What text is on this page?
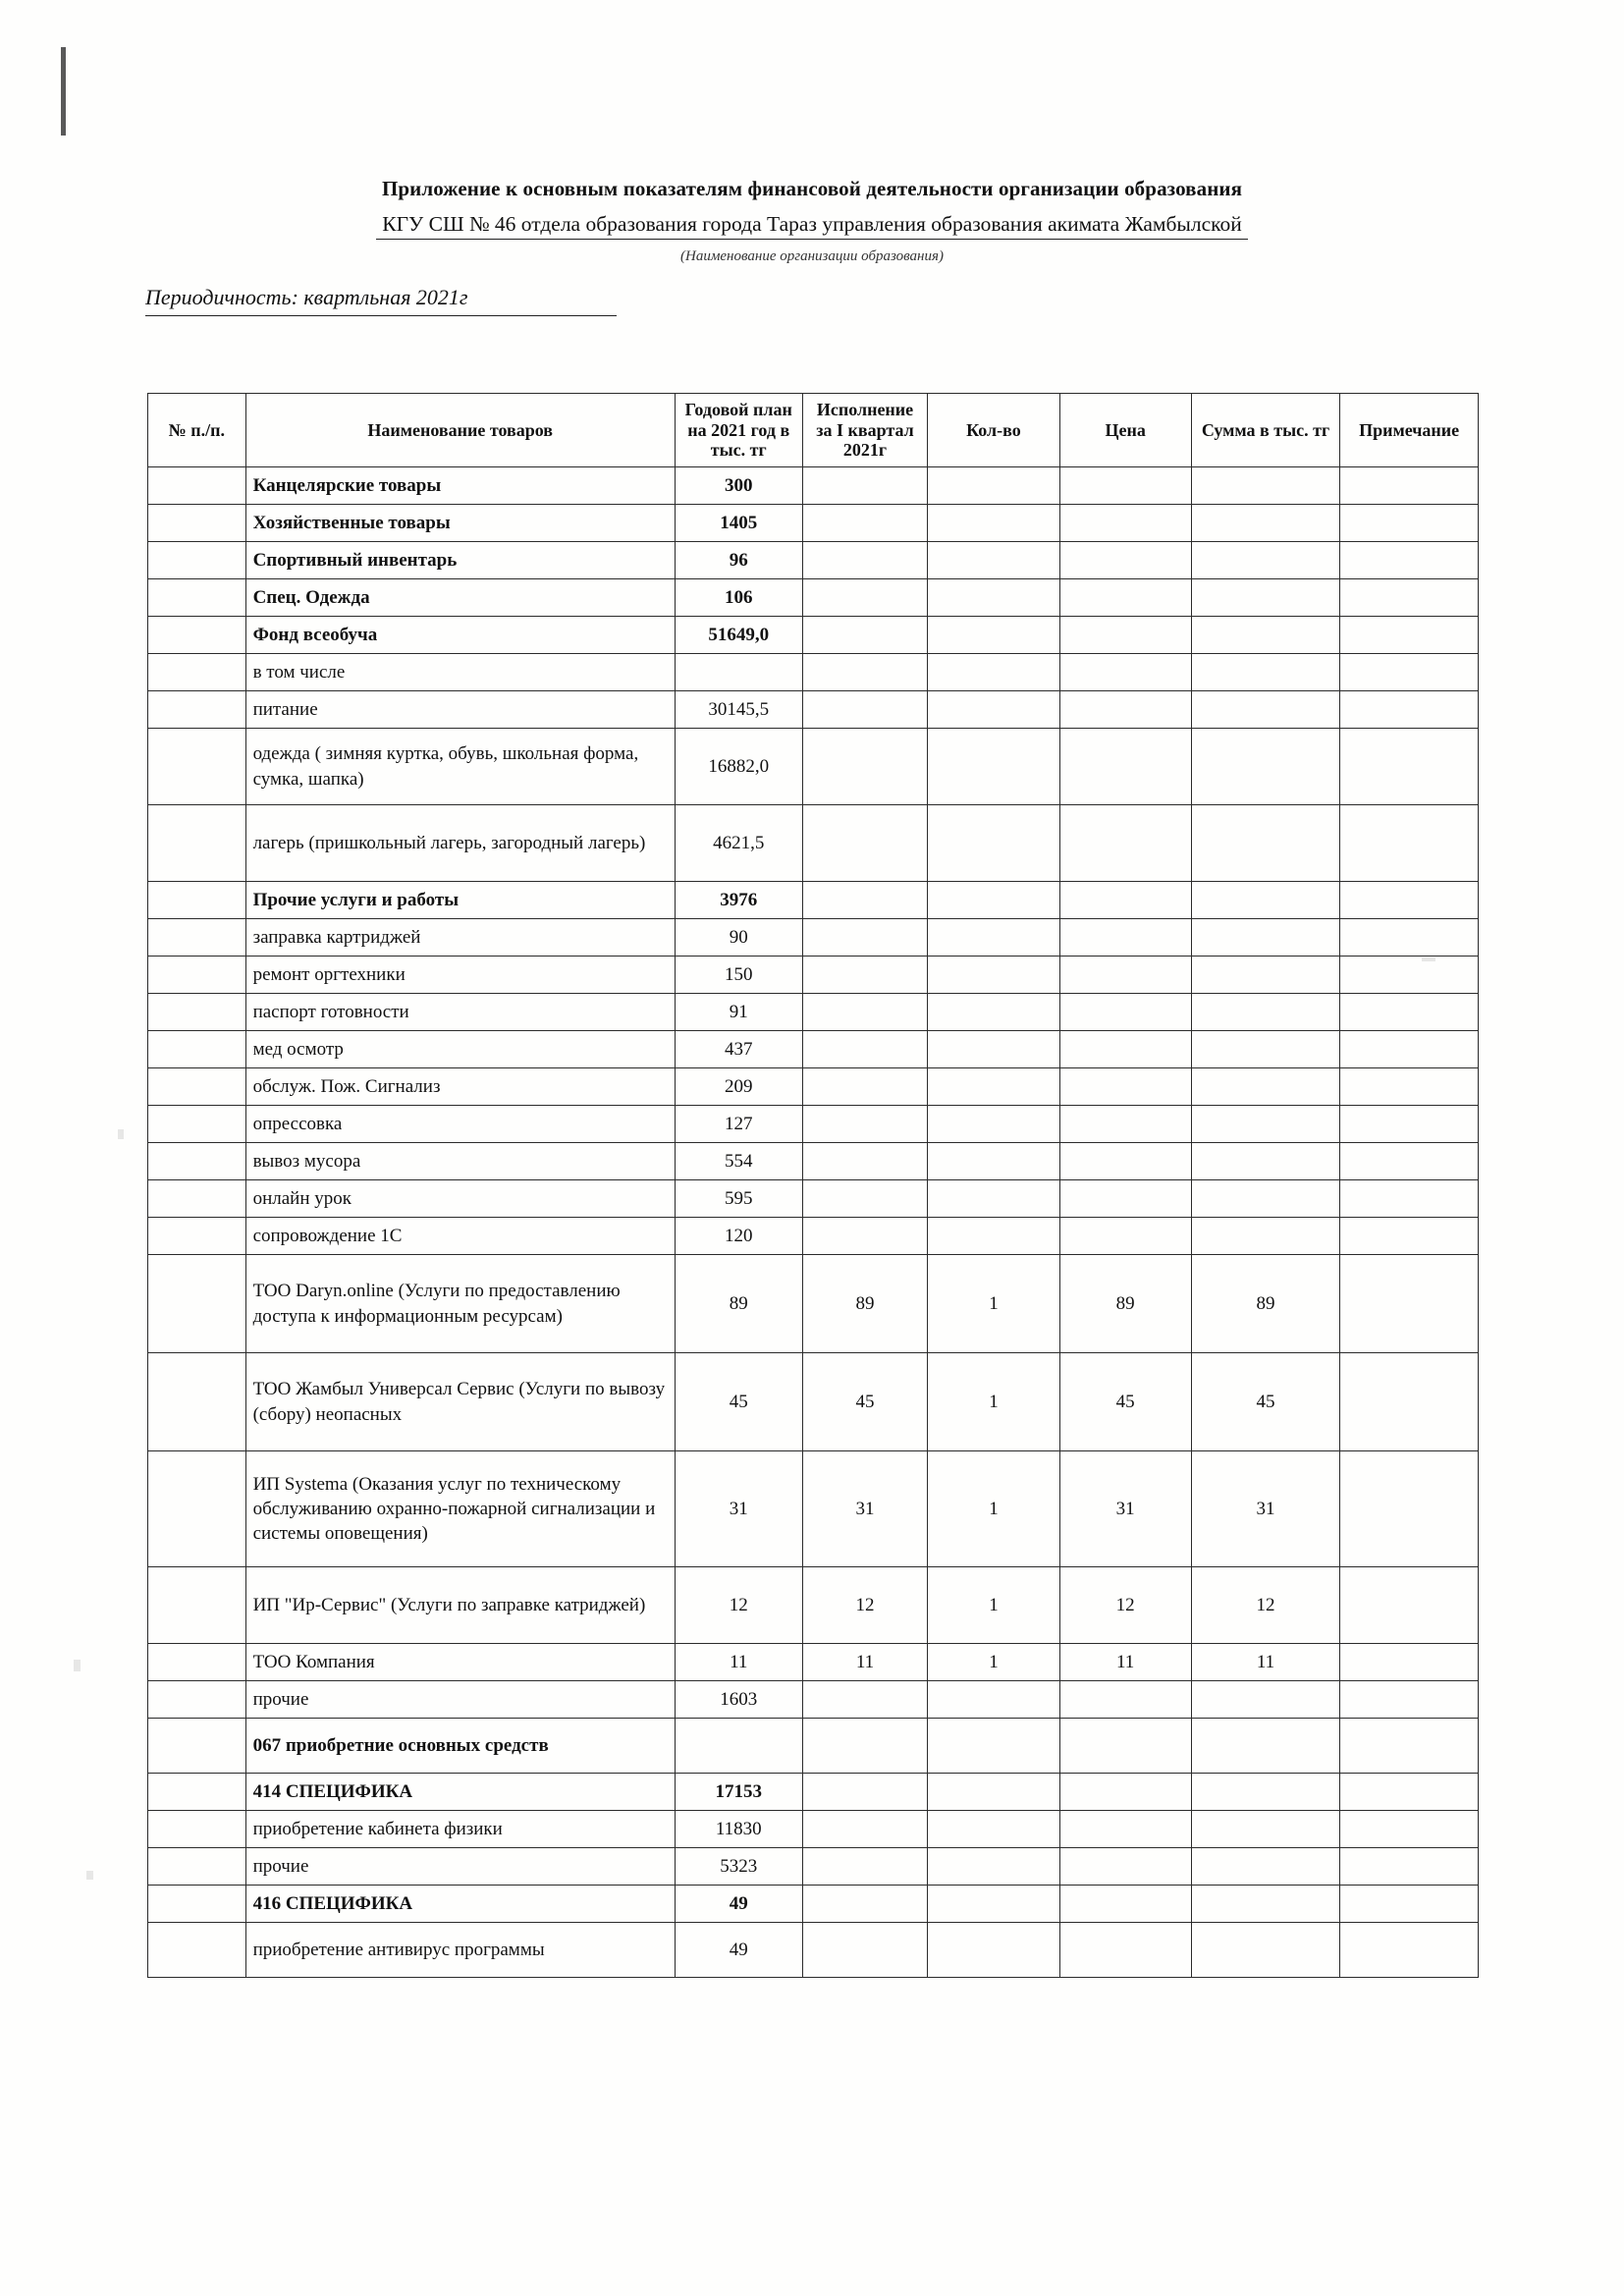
Приложение к основным показателям финансовой деятельности организации образования
КГУ СШ № 46 отдела образования города Тараз управления образования акимата Жамбылской
(Наименование организации образования)
Периодичность: квартльная 2021г
№ п./п.	Наименование товаров	Годовой план на 2021 год в тыс. тг	Исполнение за I квартал 2021г	Кол-во	Цена	Сумма в тыс. тг	Примечание
	Канцелярские товары	300					
	Хозяйственные товары	1405					
	Спортивный инвентарь	96					
	Спец. Одежда	106					
	Фонд всеобуча	51649,0					
	в том числе						
	питание	30145,5					
	одежда ( зимняя куртка, обувь, школьная форма, сумка, шапка)	16882,0					
	лагерь (пришкольный лагерь, загородный лагерь)	4621,5					
	Прочие услуги и работы	3976					
	заправка картриджей	90					
	ремонт оргтехники	150					
	паспорт готовности	91					
	мед осмотр	437					
	обслуж. Пож. Сигнализ	209					
	опрессовка	127					
	вывоз мусора	554					
	онлайн урок	595					
	сопровождение 1С	120					
	ТОО Daryn.online (Услуги по предоставлению доступа к информационным ресурсам)	89	89	1	89	89	
	ТОО Жамбыл Универсал Сервис (Услуги по вывозу (сбору) неопасных	45	45	1	45	45	
	ИП Systema (Оказания услуг по техническому обслуживанию охранно-пожарной сигнализации и системы оповещения)	31	31	1	31	31	
	ИП "Ир-Сервис" (Услуги по заправке катриджей)	12	12	1	12	12	
	ТОО Компания	11	11	1	11	11	
	прочие	1603					
	067 приобретние основных средств						
	414 СПЕЦИФИКА	17153					
	приобретение кабинета физики	11830					
	прочие	5323					
	416 СПЕЦИФИКА	49					
	приобретение антивирус программы	49					
